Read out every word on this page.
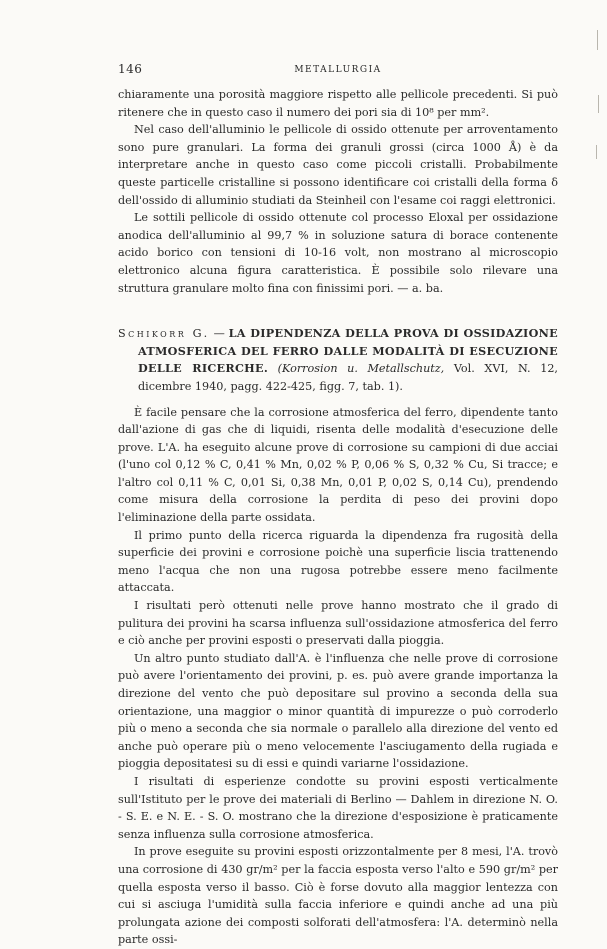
146	METALLURGIA

chiaramente una porosità maggiore rispetto alle pellicole precedenti. Si può ritenere che in questo caso il numero dei pori sia di 10⁸ per mm².

Nel caso dell'alluminio le pellicole di ossido ottenute per arroventamento sono pure granulari. La forma dei granuli grossi (circa 1000 Å) è da interpretare anche in questo caso come piccoli cristalli. Probabilmente queste particelle cristalline si possono identificare coi cristalli della forma δ dell'ossido di alluminio studiati da Steinheil con l'esame coi raggi elettronici.

Le sottili pellicole di ossido ottenute col processo Eloxal per ossidazione anodica dell'alluminio al 99,7 % in soluzione satura di borace contenente acido borico con tensioni di 10-16 volt, non mostrano al microscopio elettronico alcuna figura caratteristica. È possibile solo rilevare una struttura granulare molto fina con finissimi pori. — a. ba.

Schikorr G. — LA DIPENDENZA DELLA PROVA DI OSSIDAZIONE ATMOSFERICA DEL FERRO DALLE MODALITÀ DI ESECUZIONE DELLE RICERCHE. (Korrosion u. Metallschutz, Vol. XVI, N. 12, dicembre 1940, pagg. 422-425, figg. 7, tab. 1).

È facile pensare che la corrosione atmosferica del ferro, dipendente tanto dall'azione di gas che di liquidi, risenta delle modalità d'esecuzione delle prove. L'A. ha eseguito alcune prove di corrosione su campioni di due acciai (l'uno col 0,12 % C, 0,41 % Mn, 0,02 % P, 0,06 % S, 0,32 % Cu, Si tracce; e l'altro col 0,11 % C, 0,01 Si, 0,38 Mn, 0,01 P, 0,02 S, 0,14 Cu), prendendo come misura della corrosione la perdita di peso dei provini dopo l'eliminazione della parte ossidata.

Il primo punto della ricerca riguarda la dipendenza fra rugosità della superficie dei provini e corrosione poichè una superficie liscia trattenendo meno l'acqua che non una rugosa potrebbe essere meno facilmente attaccata.

I risultati però ottenuti nelle prove hanno mostrato che il grado di pulitura dei provini ha scarsa influenza sull'ossidazione atmosferica del ferro e ciò anche per provini esposti o preservati dalla pioggia.

Un altro punto studiato dall'A. è l'influenza che nelle prove di corrosione può avere l'orientamento dei provini, p. es. può avere grande importanza la direzione del vento che può depositare sul provino a seconda della sua orientazione, una maggior o minor quantità di impurezze o può corroderlo più o meno a seconda che sia normale o parallelo alla direzione del vento ed anche può operare più o meno velocemente l'asciugamento della rugiada e pioggia depositatesi su di essi e quindi variarne l'ossidazione.

I risultati di esperienze condotte su provini esposti verticalmente sull'Istituto per le prove dei materiali di Berlino — Dahlem in direzione N. O. - S. E. e N. E. - S. O. mostrano che la direzione d'esposizione è praticamente senza influenza sulla corrosione atmosferica.

In prove eseguite su provini esposti orizzontalmente per 8 mesi, l'A. trovò una corrosione di 430 gr/m² per la faccia esposta verso l'alto e 590 gr/m² per quella esposta verso il basso. Ciò è forse dovuto alla maggior lentezza con cui si asciuga l'umidità sulla faccia inferiore e quindi anche ad una più prolungata azione dei composti solforati dell'atmosfera: l'A. determinò nella parte ossi-
